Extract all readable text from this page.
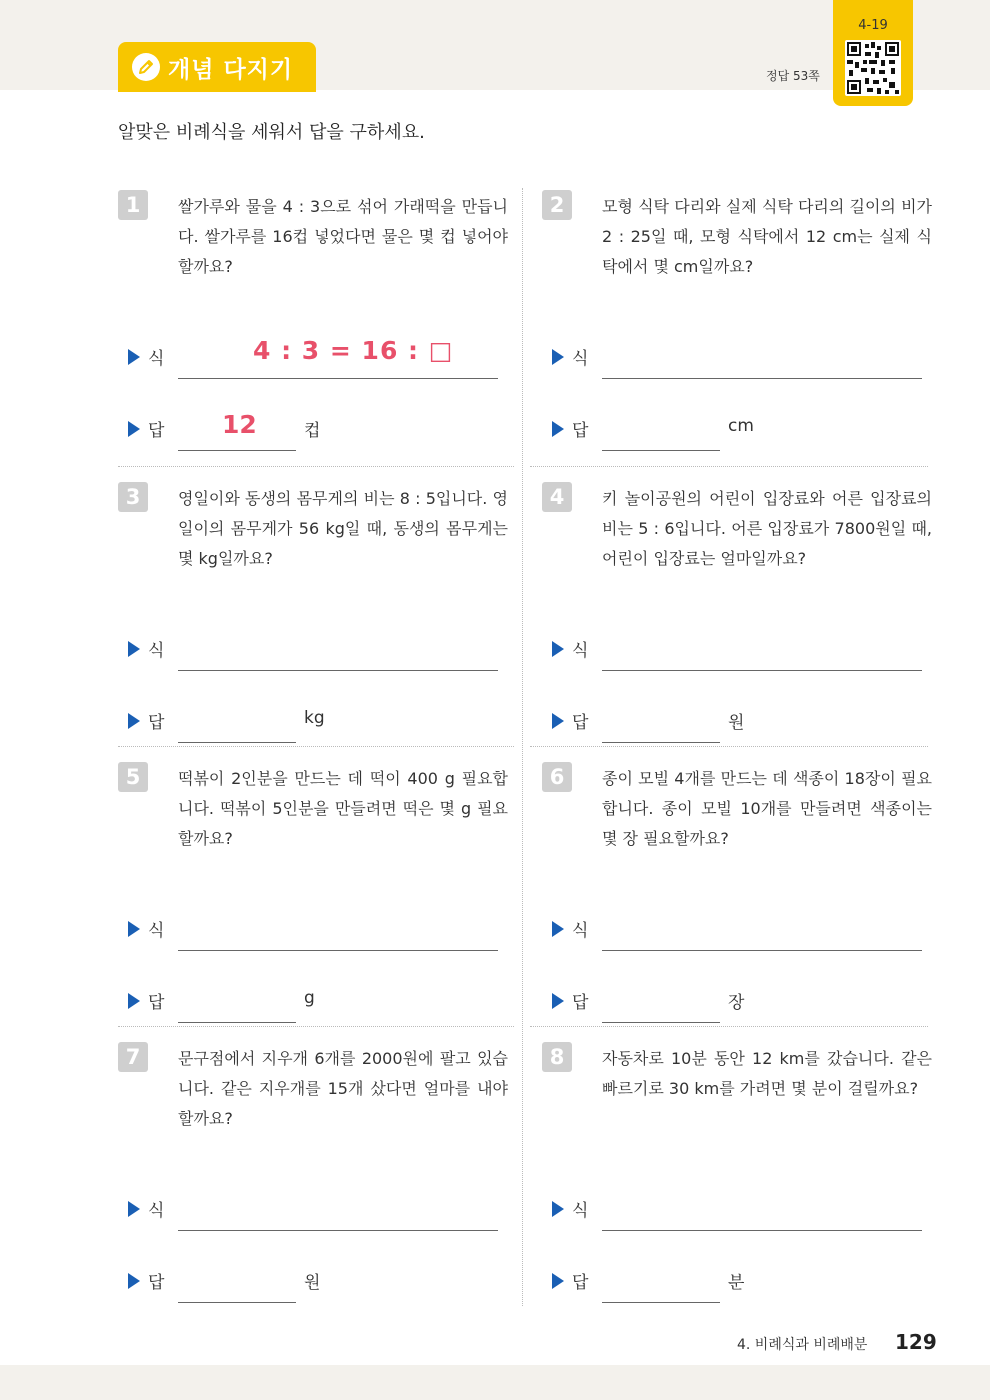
개념 다지기	정답 53쪽
4-19
알맞은 비례식을 세워서 답을 구하세요.
1	쌀가루와 물을 4 : 3으로 섞어 가래떡을 만듭니다. 쌀가루를 16컵 넣었다면 물은 몇 컵 넣어야 할까요?
식	4 : 3 = 16 : □
답 12	컵
2	모형 식탁 다리와 실제 식탁 다리의 길이의 비가 2 : 25일 때, 모형 식탁에서 12 cm는 실제 식탁에서 몇 cm일까요?
식
답	cm
3	영일이와 동생의 몸무게의 비는 8 : 5입니다. 영일이의 몸무게가 56 kg일 때, 동생의 몸무게는 몇 kg일까요?
식
답	kg
4	키 놀이공원의 어린이 입장료와 어른 입장료의 비는 5 : 6입니다. 어른 입장료가 7800원일 때, 어린이 입장료는 얼마일까요?
식
답	원
5	떡볶이 2인분을 만드는 데 떡이 400 g 필요합니다. 떡볶이 5인분을 만들려면 떡은 몇 g 필요할까요?
식
답	g
6	종이 모빌 4개를 만드는 데 색종이 18장이 필요합니다. 종이 모빌 10개를 만들려면 색종이는 몇 장 필요할까요?
식
답	장
7	문구점에서 지우개 6개를 2000원에 팔고 있습니다. 같은 지우개를 15개 샀다면 얼마를 내야 할까요?
식
답	원
8	자동차로 10분 동안 12 km를 갔습니다. 같은 빠르기로 30 km를 가려면 몇 분이 걸릴까요?
식
답	분
4. 비례식과 비례배분 129
